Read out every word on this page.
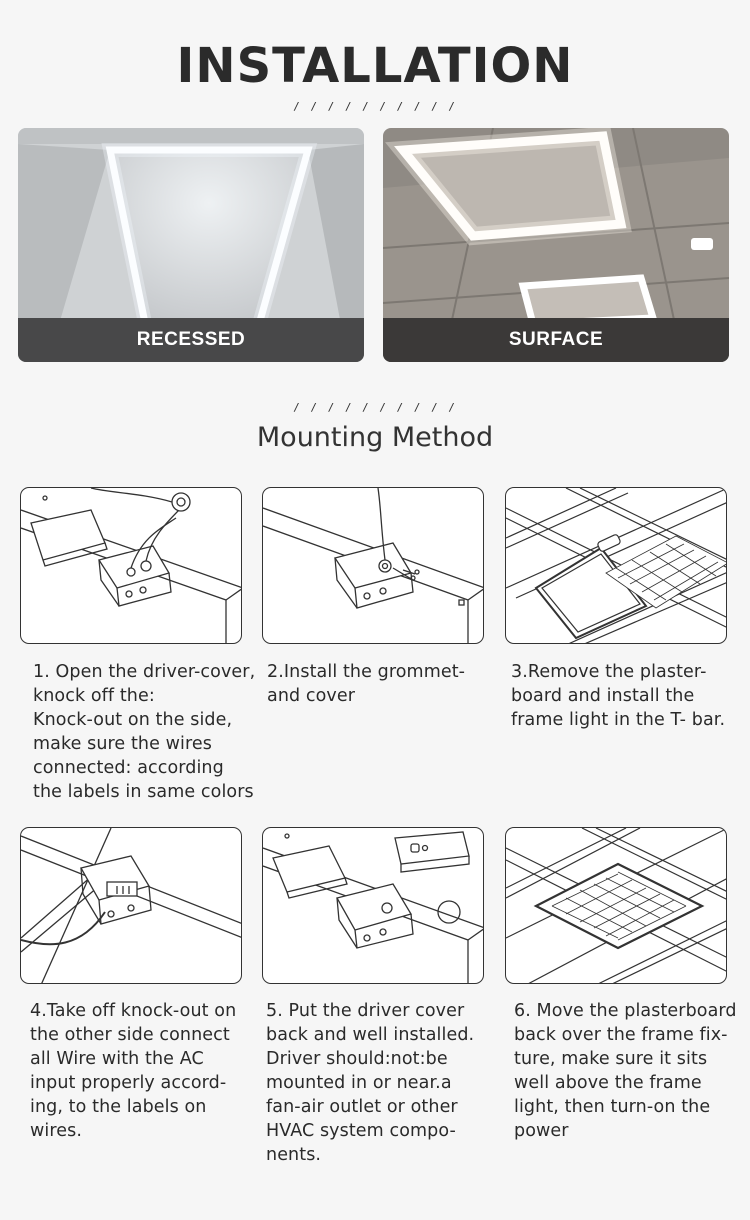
INSTALLATION
/ / / / / / / / / /
RECESSED	SURFACE
/ / / / / / / / / /
Mounting Method
1. Open the driver-cover,
knock off the:
Knock-out on the side,
make sure the wires
connected: according
the labels in same colors
2.Install the grommet-
and cover
3.Remove the plaster-
board and install the
frame light in the T- bar.
4.Take off knock-out on
the other side connect
all Wire with the AC
input properly accord-
ing, to the labels on
wires.
5. Put the driver cover
back and well installed.
Driver should:not:be
mounted in or near.a
fan-air outlet or other
HVAC system compo-
nents.
6. Move the plasterboard
back over the frame fix-
ture, make sure it sits
well above the frame
light, then turn-on the
power
